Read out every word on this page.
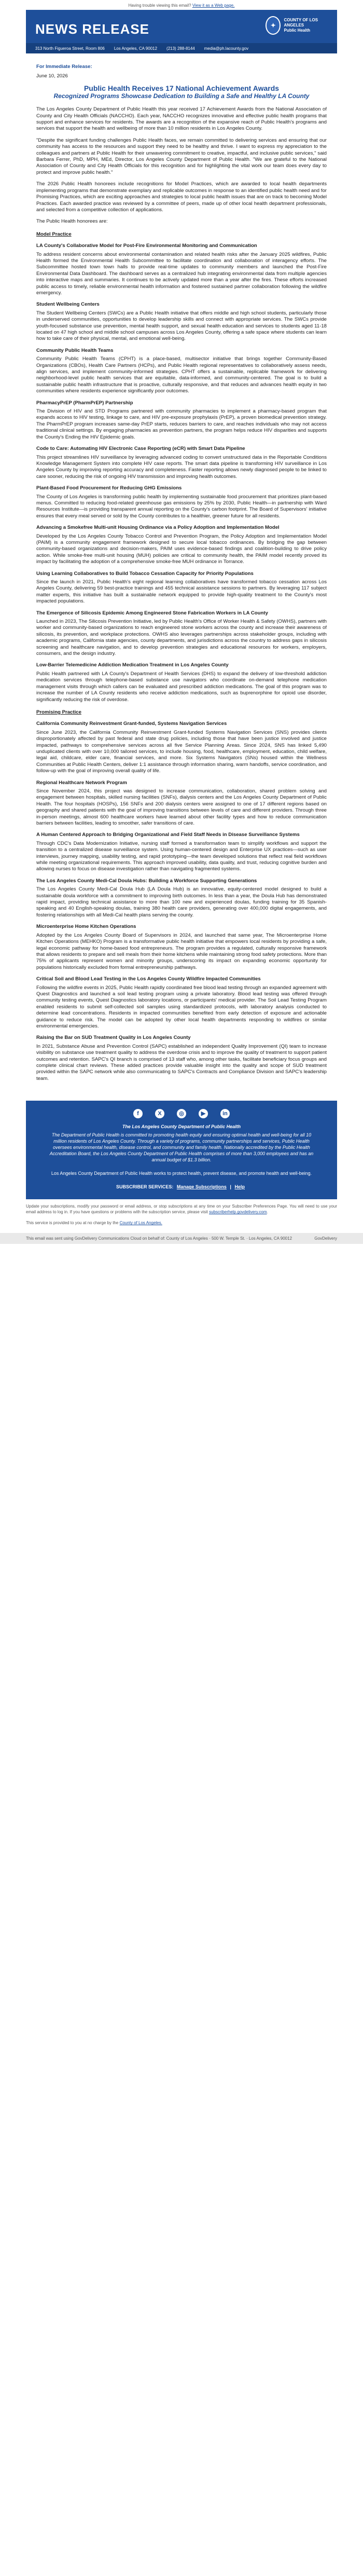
Having trouble viewing this email? View it as a Web page.
NEWS RELEASE	✦
COUNTY OF LOS ANGELES
Public Health
313 North Figueroa Street, Room 806 Los Angeles, CA 90012 (213) 288-8144 media@ph.lacounty.gov
For Immediate Release:
June 10, 2026
Public Health Receives 17 National Achievement Awards
Recognized Programs Showcase Dedication to Building a Safe and Healthy LA County

The Los Angeles County Department of Public Health this year received 17 Achievement Awards from the National Association of County and City Health Officials (NACCHO). Each year, NACCHO recognizes innovative and effective public health programs that support and enhance services for residents. The awards are a recognition of the expansive reach of Public Health's programs and services that support the health and wellbeing of more than 10 million residents in Los Angeles County.

"Despite the significant funding challenges Public Health faces, we remain committed to delivering services and ensuring that our community has access to the resources and support they need to be healthy and thrive. I want to express my appreciation to the colleagues and partners at Public Health for their unwavering commitment to creative, impactful, and inclusive public services," said Barbara Ferrer, PhD, MPH, MEd, Director, Los Angeles County Department of Public Health. "We are grateful to the National Association of County and City Health Officials for this recognition and for highlighting the vital work our team does every day to protect and improve public health."

The 2026 Public Health honorees include recognitions for Model Practices, which are awarded to local health departments implementing programs that demonstrate exemplary and replicable outcomes in response to an identified public health need and for Promising Practices, which are exciting approaches and strategies to local public health issues that are on track to becoming Model Practices. Each awarded practice was reviewed by a committee of peers, made up of other local health department professionals, and selected from a competitive collection of applications.

The Public Health honorees are:

Model Practice
LA County's Collaborative Model for Post-Fire Environmental Monitoring and Communication

To address resident concerns about environmental contamination and related health risks after the January 2025 wildfires, Public Health formed the Environmental Health Subcommittee to facilitate coordination and collaboration of interagency efforts. The Subcommittee hosted town town halls to provide real-time updates to community members and launched the Post-Fire Environmental Data Dashboard. The dashboard serves as a centralized hub integrating environmental data from multiple agencies into interactive maps and summaries. It continues to be actively updated more than a year after the fires. These efforts increased public access to timely, reliable environmental health information and fostered sustained partner collaboration following the wildfire emergency.

Student Wellbeing Centers

The Student Wellbeing Centers (SWCs) are a Public Health initiative that offers middle and high school students, particularly those in underserved communities, opportunities to develop leadership skills and connect with appropriate services. The SWCs provide youth-focused substance use prevention, mental health support, and sexual health education and services to students aged 11-18 located on 47 high school and middle school campuses across Los Angeles County, offering a safe space where students can learn how to take care of their physical, mental, and emotional well-being.

Community Public Health Teams

Community Public Health Teams (CPHT) is a place-based, multisector initiative that brings together Community-Based Organizations (CBOs), Health Care Partners (HCPs), and Public Health regional representatives to collaboratively assess needs, align services, and implement community-informed strategies. CPHT offers a sustainable, replicable framework for delivering neighborhood-level public health services that are equitable, data-informed, and community-centered. The goal is to build a sustainable public health infrastructure that is proactive, culturally responsive, and that reduces and advances health equity in two communities where residents experience significantly poor outcomes.

PharmacyPrEP (PharmPrEP) Partnership

The Division of HIV and STD Programs partnered with community pharmacies to implement a pharmacy-based program that expands access to HIV testing, linkage to care, and HIV pre-exposure prophylaxis (PrEP), a proven biomedical prevention strategy. The PharmPrEP program increases same-day PrEP starts, reduces barriers to care, and reaches individuals who may not access traditional clinical settings. By engaging pharmacies as prevention partners, the program helps reduce HIV disparities and supports the County's Ending the HIV Epidemic goals.

Code to Care: Automating HIV Electronic Case Reporting (eCR) with Smart Data Pipeline

This project streamlines HIV surveillance by leveraging advanced coding to convert unstructured data in the Reportable Conditions Knowledge Management System into complete HIV case reports. The smart data pipeline is transforming HIV surveillance in Los Angeles County by improving reporting accuracy and completeness. Faster reporting allows newly diagnosed people to be linked to care sooner, reducing the risk of ongoing HIV transmission and improving health outcomes.

Plant-Based Food Procurement for Reducing GHG Emissions

The County of Los Angeles is transforming public health by implementing sustainable food procurement that prioritizes plant-based menus. Committed to reducing food-related greenhouse gas emissions by 25% by 2030, Public Health—in partnership with Ward Resources Institute—is providing transparent annual reporting on the County's carbon footprint. The Board of Supervisors' initiative ensures that every meal served or sold by the County contributes to a healthier, greener future for all residents.

Advancing a Smokefree Multi-unit Housing Ordinance via a Policy Adoption and Implementation Model

Developed by the Los Angeles County Tobacco Control and Prevention Program, the Policy Adoption and Implementation Model (PAIM) is a community engagement framework designed to secure local tobacco ordinances. By bridging the gap between community-based organizations and decision-makers, PAIM uses evidence-based findings and coalition-building to drive policy action. While smoke-free multi-unit housing (MUH) policies are critical to community health, the PAIM model recently proved its impact by facilitating the adoption of a comprehensive smoke-free MUH ordinance in Torrance.

Using Learning Collaboratives to Build Tobacco Cessation Capacity for Priority Populations

Since the launch in 2021, Public Health's eight regional learning collaboratives have transformed tobacco cessation across Los Angeles County, delivering 59 best-practice trainings and 455 technical assistance sessions to partners. By leveraging 117 subject matter experts, this initiative has built a sustainable network equipped to provide high-quality treatment to the County's most impacted populations.

The Emergence of Silicosis Epidemic Among Engineered Stone Fabrication Workers in LA County

Launched in 2023, The Silicosis Prevention Initiative, led by Public Health's Office of Worker Health & Safety (OWHS), partners with worker and community-based organizations to reach engineered stone workers across the county and increase their awareness of silicosis, its prevention, and workplace protections. OWHS also leverages partnerships across stakeholder groups, including with academic programs, California state agencies, county departments, and jurisdictions across the country to address gaps in silicosis screening and healthcare navigation, and to develop prevention strategies and educational resources for workers, employers, consumers, and the design industry.

Low-Barrier Telemedicine Addiction Medication Treatment in Los Angeles County

Public Health partnered with LA County's Department of Health Services (DHS) to expand the delivery of low-threshold addiction medication services through telephone-based substance use navigators who coordinate on-demand telephone medication management visits through which callers can be evaluated and prescribed addiction medications. The goal of this program was to increase the number of LA County residents who receive addiction medications, such as buprenorphine for opioid use disorder, significantly reducing the risk of overdose.

Promising Practice
California Community Reinvestment Grant-funded, Systems Navigation Services

Since June 2023, the California Community Reinvestment Grant-funded Systems Navigation Services (SNS) provides clients disproportionately affected by past federal and state drug policies, including those that have been justice involved and justice impacted, pathways to comprehensive services across all five Service Planning Areas. Since 2024, SNS has linked 5,490 unduplicated clients with over 10,000 tailored services, to include housing, food, healthcare, employment, education, child welfare, legal aid, childcare, elder care, financial services, and more. Six Systems Navigators (SNs) housed within the Wellness Communities at Public Health Centers, deliver 1:1 assistance through information sharing, warm handoffs, service coordination, and follow-up with the goal of improving overall quality of life.

Regional Healthcare Network Program

Since November 2024, this project was designed to increase communication, collaboration, shared problem solving and engagement between hospitals, skilled nursing facilities (SNFs), dialysis centers and the Los Angeles County Department of Public Health. The four hospitals (HOSPs), 156 SNFs and 200 dialysis centers were assigned to one of 17 different regions based on geography and shared patients with the goal of improving transitions between levels of care and different providers. Through three in-person meetings, almost 600 healthcare workers have learned about other facility types and how to reduce communication barriers between facilities, leading to smoother, safer transitions of care.

A Human Centered Approach to Bridging Organizational and Field Staff Needs in Disease Surveillance Systems

Through CDC's Data Modernization Initiative, nursing staff formed a transformation team to simplify workflows and support the transition to a centralized disease surveillance system. Using human-centered design and Enterprise UX practices—such as user interviews, journey mapping, usability testing, and rapid prototyping—the team developed solutions that reflect real field workflows while meeting organizational requirements. This approach improved usability, data quality, and trust, reducing cognitive burden and allowing nurses to focus on disease investigation rather than navigating fragmented systems.

The Los Angeles County Medi-Cal Doula Hubs: Building a Workforce Supporting Generations

The Los Angeles County Medi-Cal Doula Hub (LA Doula Hub) is an innovative, equity-centered model designed to build a sustainable doula workforce with a commitment to improving birth outcomes. In less than a year, the Doula Hub has demonstrated rapid impact, providing technical assistance to more than 100 new and experienced doulas, funding training for 35 Spanish-speaking and 40 English-speaking doulas, training 380 health care providers, generating over 400,000 digital engagements, and fostering relationships with all Medi-Cal health plans serving the county.

Microenterprise Home Kitchen Operations

Adopted by the Los Angeles County Board of Supervisors in 2024, and launched that same year, The Microenterprise Home Kitchen Operations (MEHKO) Program is a transformative public health initiative that empowers local residents by providing a safe, legal economic pathway for home-based food entrepreneurs. The program provides a regulated, culturally responsive framework that allows residents to prepare and sell meals from their home kitchens while maintaining strong food safety protections. More than 75% of applicants represent women and minority groups, underscoring its impact on expanding economic opportunity for populations historically excluded from formal entrepreneurship pathways.

Critical Soil and Blood Lead Testing in the Los Angeles County Wildfire Impacted Communities

Following the wildfire events in 2025, Public Health rapidly coordinated free blood lead testing through an expanded agreement with Quest Diagnostics and launched a soil lead testing program using a private laboratory. Blood lead testing was offered through community testing events, Quest Diagnostics laboratory locations, or participants' medical provider. The Soil Lead Testing Program enabled residents to submit self-collected soil samples using standardized protocols, with laboratory analysis conducted to determine lead concentrations. Residents in impacted communities benefited from early detection of exposure and actionable guidance to reduce risk. The model can be adopted by other local health departments responding to wildfires or similar environmental emergencies.

Raising the Bar on SUD Treatment Quality in Los Angeles County

In 2021, Substance Abuse and Prevention Control (SAPC) established an independent Quality Improvement (QI) team to increase visibility on substance use treatment quality to address the overdose crisis and to improve the quality of treatment to support patient outcomes and retention. SAPC's QI branch is comprised of 13 staff who, among other tasks, facilitate beneficiary focus groups and complete clinical chart reviews. These added practices provide valuable insight into the quality and scope of SUD treatment provided within the SAPC network while also communicating to SAPC's Contracts and Compliance Division and SAPC's leadership team.

f	X	◎	▶	in
The Los Angeles County Department of Public Health
The Department of Public Health is committed to promoting health equity and ensuring optimal health and well-being for all 10 million residents of Los Angeles County. Through a variety of programs, community partnerships and services, Public Health oversees environmental health, disease control, and community and family health. Nationally accredited by the Public Health Accreditation Board, the Los Angeles County Department of Public Health comprises of more than 3,000 employees and has an annual budget of $1.3 billion.
Los Angeles County Department of Public Health works to protect health, prevent disease, and promote health and well-being.
SUBSCRIBER SERVICES: Manage Subscriptions | Help

Update your subscriptions, modify your password or email address, or stop subscriptions at any time on your Subscriber Preferences Page. You will need to use your email address to log in. If you have questions or problems with the subscription service, please visit subscriberhelp.govdelivery.com.

This service is provided to you at no charge by the County of Los Angeles.

This email was sent using GovDelivery Communications Cloud on behalf of: County of Los Angeles · 500 W. Temple St. · Los Angeles, CA 90012	GovDelivery
